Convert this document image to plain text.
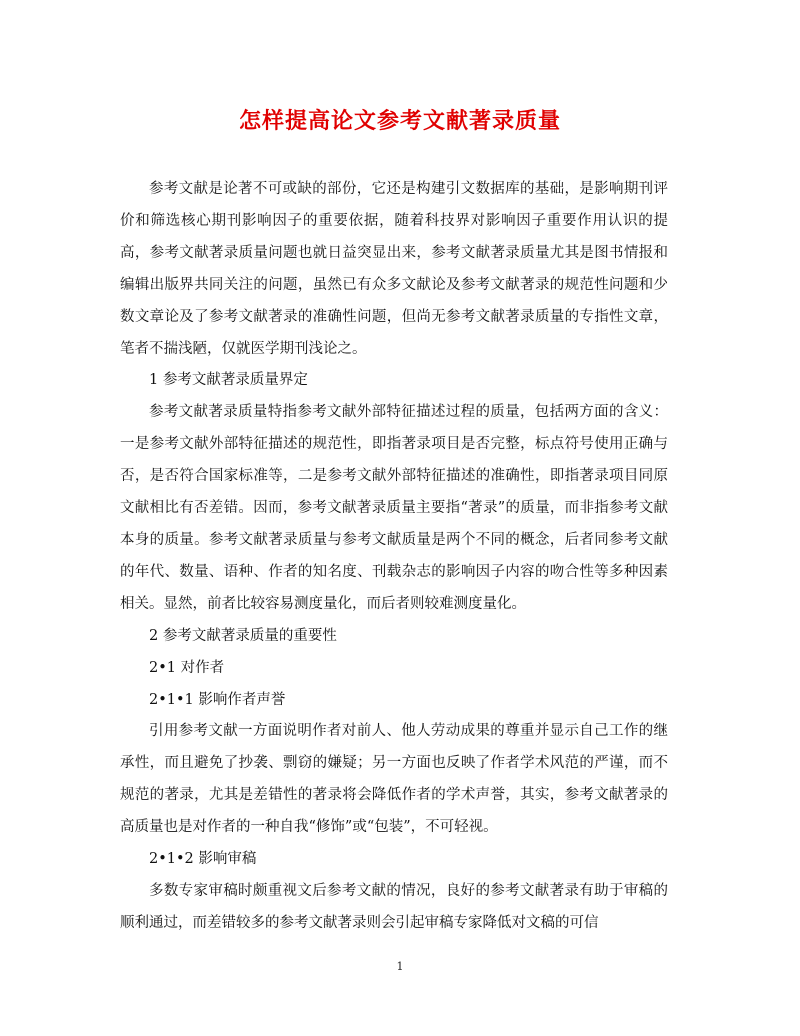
怎样提高论文参考文献著录质量

参考文献是论著不可或缺的部份，它还是构建引文数据库的基础，是影响期刊评价和筛选核心期刊影响因子的重要依据，随着科技界对影响因子重要作用认识的提高，参考文献著录质量问题也就日益突显出来，参考文献著录质量尤其是图书情报和编辑出版界共同关注的问题，虽然已有众多文献论及参考文献著录的规范性问题和少数文章论及了参考文献著录的准确性问题，但尚无参考文献著录质量的专指性文章，笔者不揣浅陋，仅就医学期刊浅论之。

1 参考文献著录质量界定

参考文献著录质量特指参考文献外部特征描述过程的质量，包括两方面的含义：一是参考文献外部特征描述的规范性，即指著录项目是否完整，标点符号使用正确与否，是否符合国家标准等，二是参考文献外部特征描述的准确性，即指著录项目同原文献相比有否差错。因而，参考文献著录质量主要指“著录”的质量，而非指参考文献本身的质量。参考文献著录质量与参考文献质量是两个不同的概念，后者同参考文献的年代、数量、语种、作者的知名度、刊载杂志的影响因子内容的吻合性等多种因素相关。显然，前者比较容易测度量化，而后者则较难测度量化。

2 参考文献著录质量的重要性

2•1 对作者

2•1•1 影响作者声誉

引用参考文献一方面说明作者对前人、他人劳动成果的尊重并显示自己工作的继承性，而且避免了抄袭、剽窃的嫌疑；另一方面也反映了作者学术风范的严谨，而不规范的著录，尤其是差错性的著录将会降低作者的学术声誉，其实，参考文献著录的高质量也是对作者的一种自我“修饰”或“包装”，不可轻视。

2•1•2 影响审稿

多数专家审稿时颇重视文后参考文献的情况，良好的参考文献著录有助于审稿的顺利通过，而差错较多的参考文献著录则会引起审稿专家降低对文稿的可信

1
